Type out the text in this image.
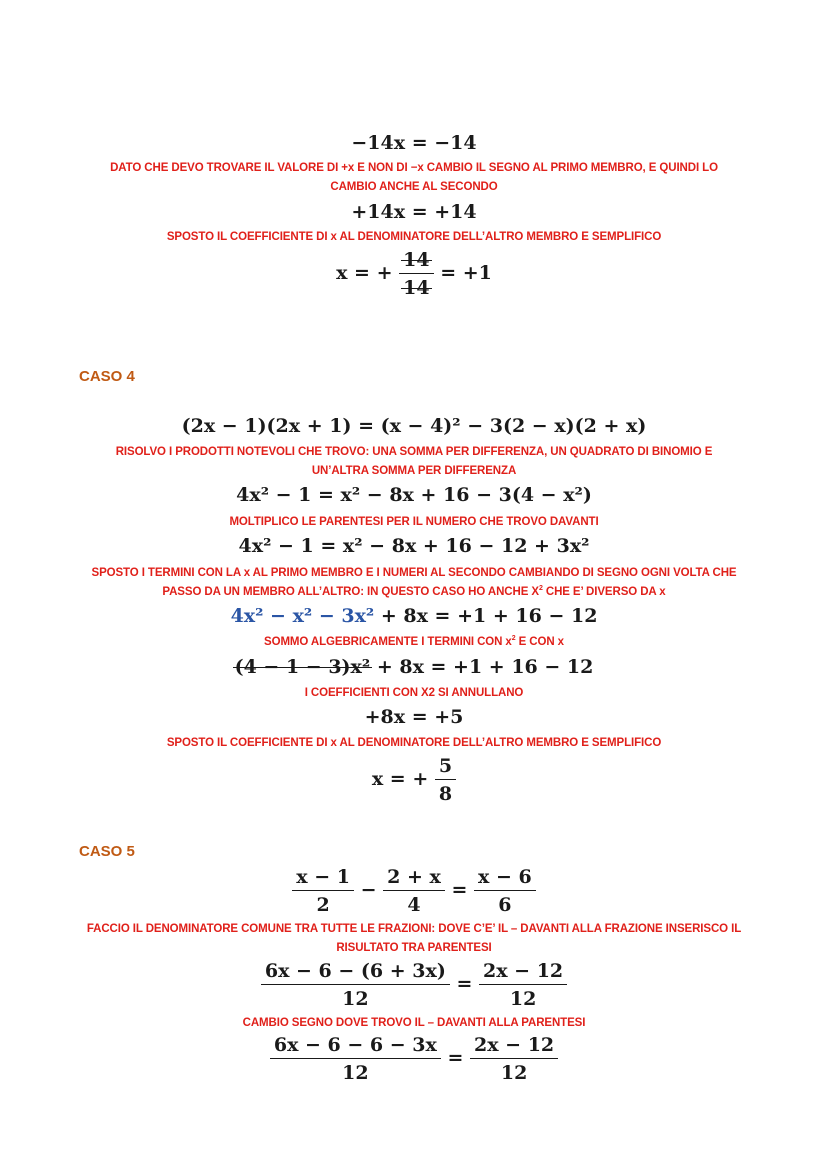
−14x = −14
DATO CHE DEVO TROVARE IL VALORE DI +x E NON DI −x CAMBIO IL SEGNO AL PRIMO MEMBRO, E QUINDI LO
CAMBIO ANCHE AL SECONDO
+14x = +14
SPOSTO IL COEFFICIENTE DI x AL DENOMINATORE DELL’ALTRO MEMBRO E SEMPLIFICO
x = + $\frac{14}{14} = +1$
CASO 4
(2x − 1)(2x + 1) = (x − 4)² − 3(2 − x)(2 + x)
RISOLVO I PRODOTTI NOTEVOLI CHE TROVO: UNA SOMMA PER DIFFERENZA, UN QUADRATO DI BINOMIO E
UN’ALTRA SOMMA PER DIFFERENZA
4x² − 1 = x² − 8x + 16 − 3(4 − x²)
MOLTIPLICO LE PARENTESI PER IL NUMERO CHE TROVO DAVANTI
4x² − 1 = x² − 8x + 16 − 12 + 3x²
SPOSTO I TERMINI CON LA x AL PRIMO MEMBRO E I NUMERI AL SECONDO CAMBIANDO DI SEGNO OGNI VOLTA CHE
PASSO DA UN MEMBRO ALL’ALTRO: IN QUESTO CASO HO ANCHE $X^2$ CHE E’ DIVERSO DA x
4x² − x² − 3x² + 8x = +1 + 16 − 12
SOMMO ALGEBRICAMENTE I TERMINI CON $x^2$ E CON x
(4 − 1 − 3)x² + 8x = +1 + 16 − 12
I COEFFICIENTI CON X2 SI ANNULLANO
+8x = +5
SPOSTO IL COEFFICIENTE DI x AL DENOMINATORE DELL’ALTRO MEMBRO E SEMPLIFICO
x = + $\frac{5}{8}$
CASO 5
$\frac{x - 1}{2} - \frac{2 + x}{4} = \frac{x - 6}{6}$
FACCIO IL DENOMINATORE COMUNE TRA TUTTE LE FRAZIONI: DOVE C’E’ IL – DAVANTI ALLA FRAZIONE INSERISCO IL
RISULTATO TRA PARENTESI
$\frac{6x - 6 - (6 + 3x)}{12} = \frac{2x - 12}{12}$
CAMBIO SEGNO DOVE TROVO IL – DAVANTI ALLA PARENTESI
$\frac{6x - 6 - 6 - 3x}{12} = \frac{2x - 12}{12}$
